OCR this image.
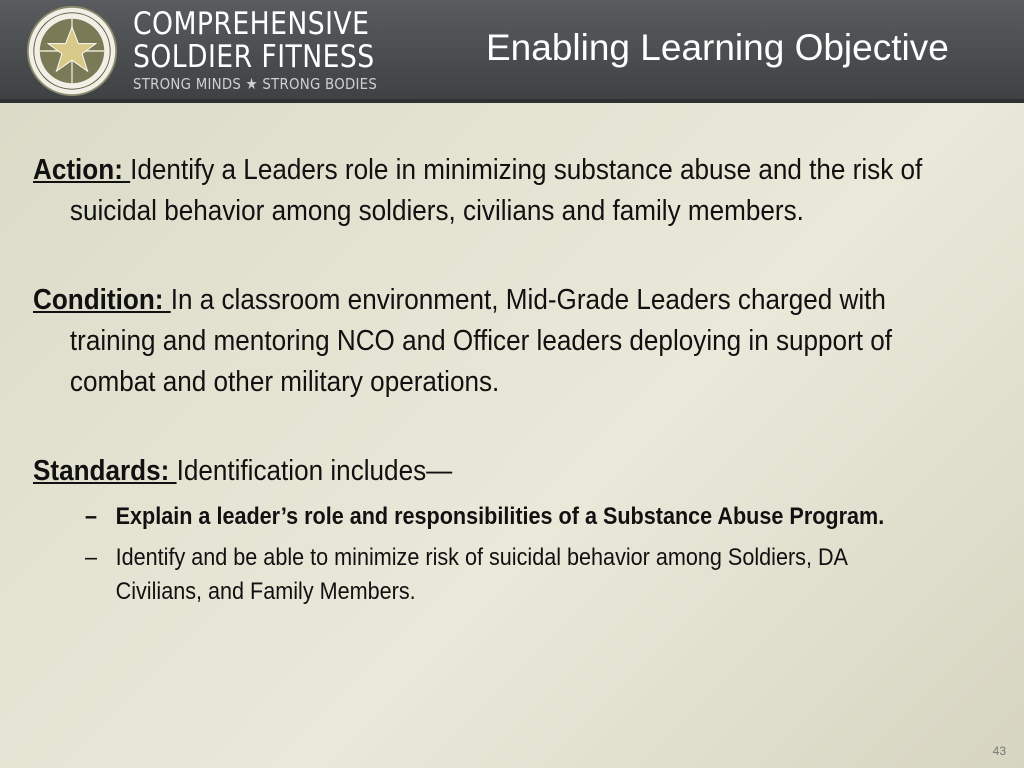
COMPREHENSIVE
SOLDIER FITNESS
STRONG MINDS ★ STRONG BODIES
Enabling Learning Objective
Action: Identify a Leaders role in minimizing substance abuse and the risk of
suicidal behavior among soldiers, civilians and family members.
Condition: In a classroom environment, Mid-Grade Leaders charged with
training and mentoring NCO and Officer leaders deploying in support of
combat and other military operations.
Standards: Identification includes—
– Explain a leader’s role and responsibilities of a Substance Abuse Program.
– Identify and be able to minimize risk of suicidal behavior among Soldiers, DA
Civilians, and Family Members.
43
